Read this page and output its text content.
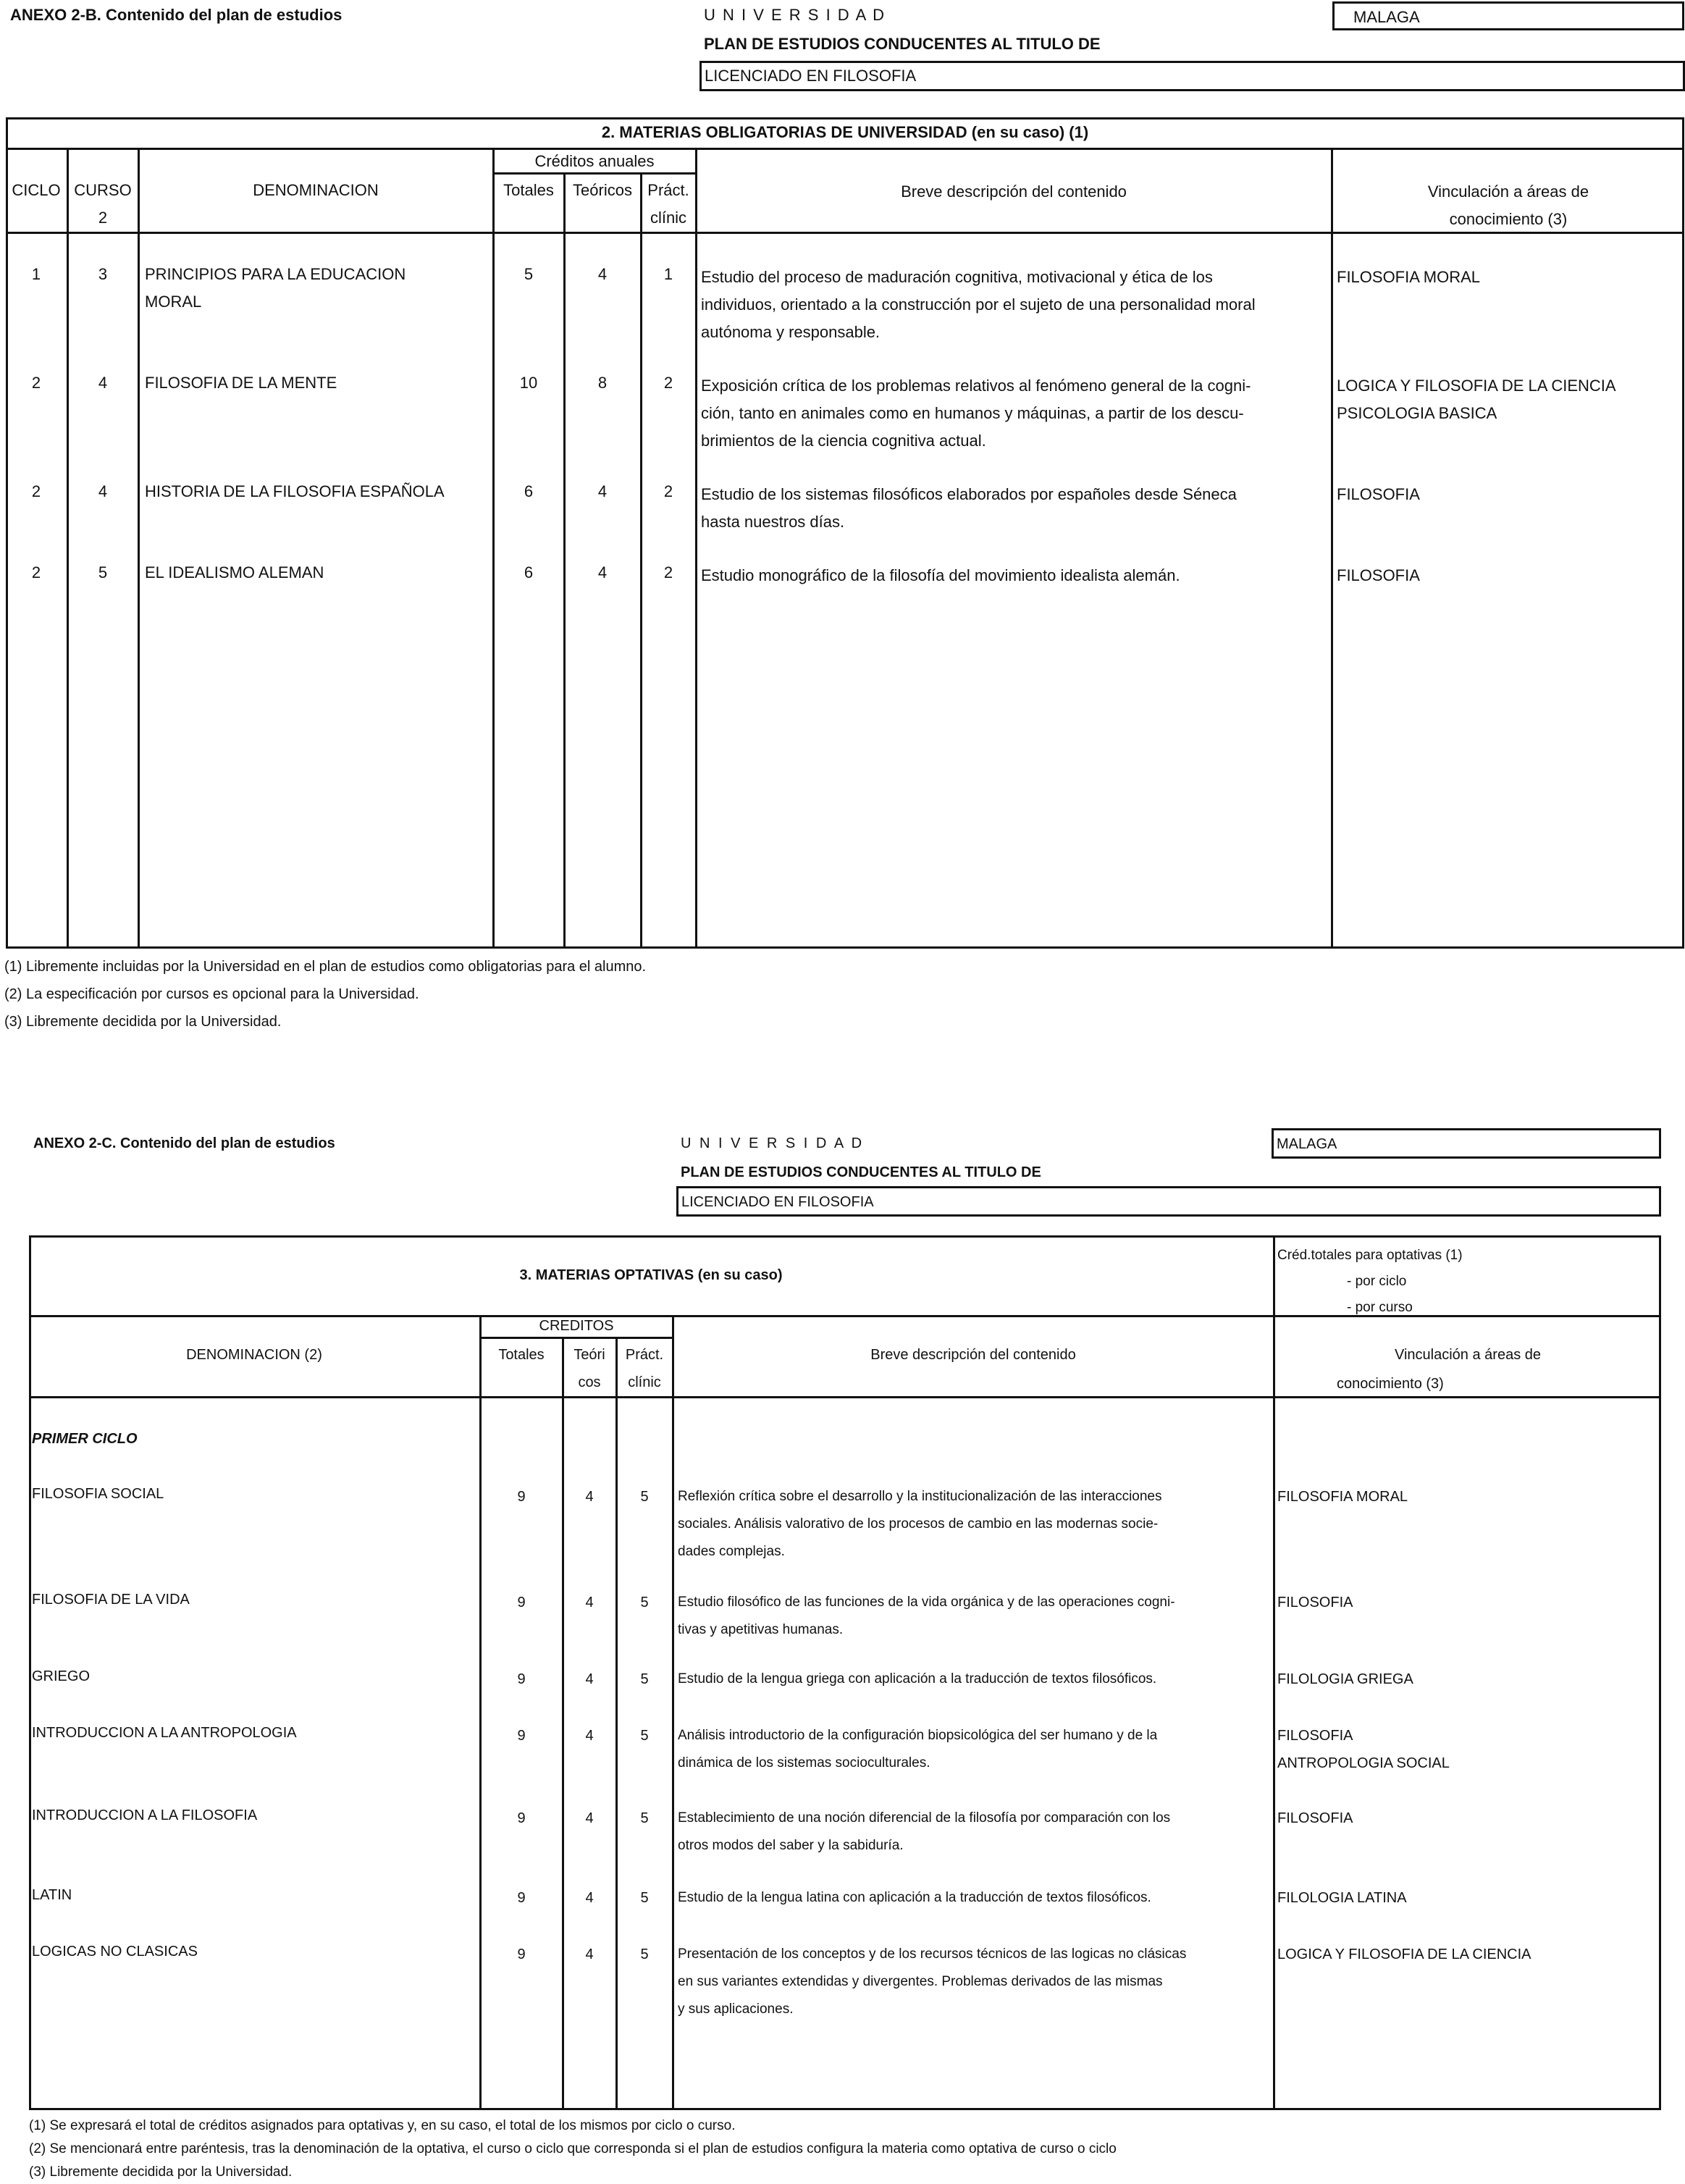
ANEXO 2-B. Contenido del plan de estudios	U N I V E R S I D A D	MALAGA
PLAN DE ESTUDIOS CONDUCENTES AL TITULO DE
LICENCIADO EN FILOSOFIA
2. MATERIAS OBLIGATORIAS DE UNIVERSIDAD (en su caso) (1)
CICLO CURSO
2
DENOMINACION
Créditos anuales
Totales	Teóricos Práct.
clínic
Breve descripción del contenido	Vinculación a áreas de
conocimiento (3)
1	3	PRINCIPIOS PARA LA EDUCACION
MORAL
5	4	1	Estudio del proceso de maduración cognitiva, motivacional y ética de los
individuos, orientado a la construcción por el sujeto de una personalidad moral
autónoma y responsable.
FILOSOFIA MORAL
2	4	FILOSOFIA DE LA MENTE	10	8	2	Exposición crítica de los problemas relativos al fenómeno general de la cogni-
ción, tanto en animales como en humanos y máquinas, a partir de los descu-
brimientos de la ciencia cognitiva actual.
LOGICA Y FILOSOFIA DE LA CIENCIA
PSICOLOGIA BASICA
2	4	HISTORIA DE LA FILOSOFIA ESPAÑOLA	6	4	2	Estudio de los sistemas filosóficos elaborados por españoles desde Séneca
hasta nuestros días.
FILOSOFIA
2	5	EL IDEALISMO ALEMAN	6	4	2	Estudio monográfico de la filosofía del movimiento idealista alemán.	FILOSOFIA
(1) Libremente incluidas por la Universidad en el plan de estudios como obligatorias para el alumno.
(2) La especificación por cursos es opcional para la Universidad.
(3) Libremente decidida por la Universidad.
ANEXO 2-C. Contenido del plan de estudios	U N I V E R S I D A D	MALAGA
PLAN DE ESTUDIOS CONDUCENTES AL TITULO DE
LICENCIADO EN FILOSOFIA
3. MATERIAS OPTATIVAS (en su caso)
Créd.totales para optativas (1)
- por ciclo
- por curso
DENOMINACION (2)
CREDITOS
Totales	Teóri
cos
Práct.
clínic
Breve descripción del contenido	Vinculación a áreas de
conocimiento (3)
PRIMER CICLO
FILOSOFIA SOCIAL	9	4	5	Reflexión crítica sobre el desarrollo y la institucionalización de las interacciones
sociales. Análisis valorativo de los procesos de cambio en las modernas socie-
dades complejas.
FILOSOFIA MORAL
FILOSOFIA DE LA VIDA	9	4	5	Estudio filosófico de las funciones de la vida orgánica y de las operaciones cogni-
tivas y apetitivas humanas.
FILOSOFIA
GRIEGO	9	4	5	Estudio de la lengua griega con aplicación a la traducción de textos filosóficos.	FILOLOGIA GRIEGA
INTRODUCCION A LA ANTROPOLOGIA	9	4	5	Análisis introductorio de la configuración biopsicológica del ser humano y de la
dinámica de los sistemas socioculturales.
FILOSOFIA
ANTROPOLOGIA SOCIAL
INTRODUCCION A LA FILOSOFIA	9	4	5	Establecimiento de una noción diferencial de la filosofía por comparación con los
otros modos del saber y la sabiduría.
FILOSOFIA
LATIN	9	4	5	Estudio de la lengua latina con aplicación a la traducción de textos filosóficos.	FILOLOGIA LATINA
LOGICAS NO CLASICAS	9	4	5	Presentación de los conceptos y de los recursos técnicos de las logicas no clásicas
en sus variantes extendidas y divergentes. Problemas derivados de las mismas
y sus aplicaciones.
LOGICA Y FILOSOFIA DE LA CIENCIA
(1) Se expresará el total de créditos asignados para optativas y, en su caso, el total de los mismos por ciclo o curso.
(2) Se mencionará entre paréntesis, tras la denominación de la optativa, el curso o ciclo que corresponda si el plan de estudios configura la materia como optativa de curso o ciclo
(3) Libremente decidida por la Universidad.
